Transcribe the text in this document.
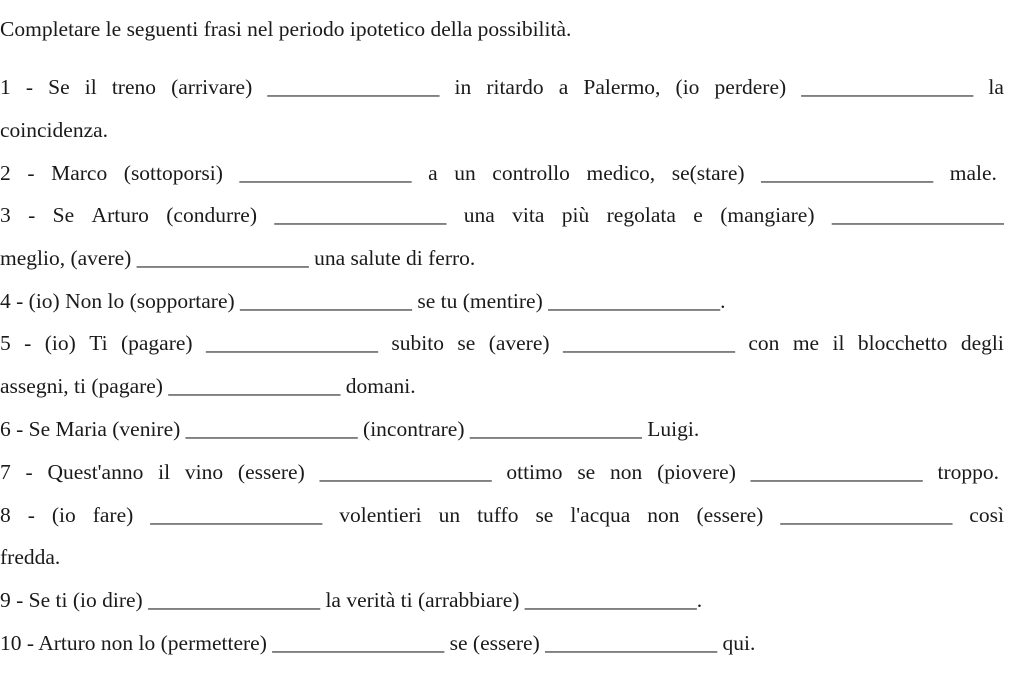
Completare le seguenti frasi nel periodo ipotetico della possibilità.
1 - Se il treno (arrivare) ________________ in ritardo a Palermo, (io perdere) ________________ la
coincidenza.
2 - Marco (sottoporsi) ________________ a un controllo medico, se(stare) ________________ male.
3 - Se Arturo (condurre) ________________ una vita più regolata e (mangiare) ________________
meglio, (avere) ________________ una salute di ferro.
4 - (io) Non lo (sopportare) ________________ se tu (mentire) ________________.
5 - (io) Ti (pagare) ________________ subito se (avere) ________________ con me il blocchetto degli
assegni, ti (pagare) ________________ domani.
6 - Se Maria (venire) ________________ (incontrare) ________________ Luigi.
7 - Quest'anno il vino (essere) ________________ ottimo se non (piovere) ________________ troppo.
8 - (io fare) ________________ volentieri un tuffo se l'acqua non (essere) ________________ così
fredda.
9 - Se ti (io dire) ________________ la verità ti (arrabbiare) ________________.
10 - Arturo non lo (permettere) ________________ se (essere) ________________ qui.
